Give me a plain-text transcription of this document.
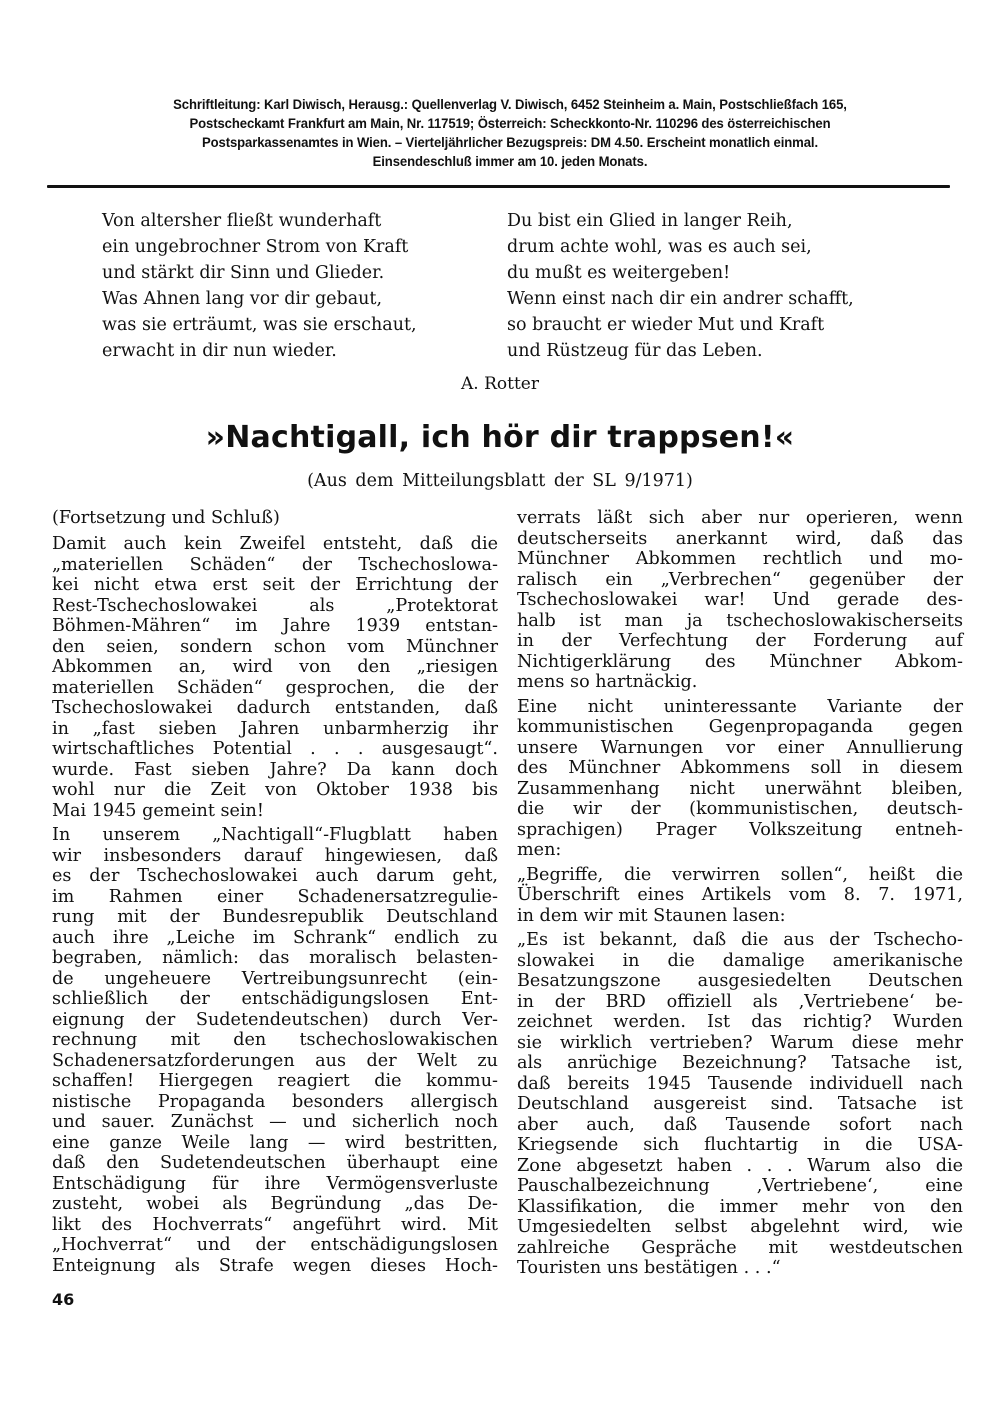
Schriftleitung: Karl Diwisch, Herausg.: Quellenverlag V. Diwisch, 6452 Steinheim a. Main, Postschließfach 165,
Postscheckamt Frankfurt am Main, Nr. 117519; Österreich: Scheckkonto-Nr. 110296 des österreichischen
Postsparkassenamtes in Wien. – Vierteljährlicher Bezugspreis: DM 4.50. Erscheint monatlich einmal.
Einsendeschluß immer am 10. jeden Monats.
Von altersher fließt wunderhaft
ein ungebrochner Strom von Kraft
und stärkt dir Sinn und Glieder.
Was Ahnen lang vor dir gebaut,
was sie erträumt, was sie erschaut,
erwacht in dir nun wieder.
Du bist ein Glied in langer Reih,
drum achte wohl, was es auch sei,
du mußt es weitergeben!
Wenn einst nach dir ein andrer schafft,
so braucht er wieder Mut und Kraft
und Rüstzeug für das Leben.
A. Rotter
»Nachtigall, ich hör dir trappsen!«
(Aus dem Mitteilungsblatt der SL 9/1971)
(Fortsetzung und Schluß)
Damit auch kein Zweifel entsteht, daß die
„materiellen Schäden“ der Tschechoslowa-
kei nicht etwa erst seit der Errichtung der
Rest-Tschechoslowakei als „Protektorat
Böhmen-Mähren“ im Jahre 1939 entstan-
den seien, sondern schon vom Münchner
Abkommen an, wird von den „riesigen
materiellen Schäden“ gesprochen, die der
Tschechoslowakei dadurch entstanden, daß
in „fast sieben Jahren unbarmherzig ihr
wirtschaftliches Potential . . . ausgesaugt“.
wurde. Fast sieben Jahre? Da kann doch
wohl nur die Zeit von Oktober 1938 bis
Mai 1945 gemeint sein!
In unserem „Nachtigall“-Flugblatt haben
wir insbesonders darauf hingewiesen, daß
es der Tschechoslowakei auch darum geht,
im Rahmen einer Schadenersatzregulie-
rung mit der Bundesrepublik Deutschland
auch ihre „Leiche im Schrank“ endlich zu
begraben, nämlich: das moralisch belasten-
de ungeheuere Vertreibungsunrecht (ein-
schließlich der entschädigungslosen Ent-
eignung der Sudetendeutschen) durch Ver-
rechnung mit den tschechoslowakischen
Schadenersatzforderungen aus der Welt zu
schaffen! Hiergegen reagiert die kommu-
nistische Propaganda besonders allergisch
und sauer. Zunächst — und sicherlich noch
eine ganze Weile lang — wird bestritten,
daß den Sudetendeutschen überhaupt eine
Entschädigung für ihre Vermögensverluste
zusteht, wobei als Begründung „das De-
likt des Hochverrats“ angeführt wird. Mit
„Hochverrat“ und der entschädigungslosen
Enteignung als Strafe wegen dieses Hoch-
verrats läßt sich aber nur operieren, wenn
deutscherseits anerkannt wird, daß das
Münchner Abkommen rechtlich und mo-
ralisch ein „Verbrechen“ gegenüber der
Tschechoslowakei war! Und gerade des-
halb ist man ja tschechoslowakischerseits
in der Verfechtung der Forderung auf
Nichtigerklärung des Münchner Abkom-
mens so hartnäckig.
Eine nicht uninteressante Variante der
kommunistischen Gegenpropaganda gegen
unsere Warnungen vor einer Annullierung
des Münchner Abkommens soll in diesem
Zusammenhang nicht unerwähnt bleiben,
die wir der (kommunistischen, deutsch-
sprachigen) Prager Volkszeitung entneh-
men:
„Begriffe, die verwirren sollen“, heißt die
Überschrift eines Artikels vom 8. 7. 1971,
in dem wir mit Staunen lasen:
„Es ist bekannt, daß die aus der Tschecho-
slowakei in die damalige amerikanische
Besatzungszone ausgesiedelten Deutschen
in der BRD offiziell als ‚Vertriebene‘ be-
zeichnet werden. Ist das richtig? Wurden
sie wirklich vertrieben? Warum diese mehr
als anrüchige Bezeichnung? Tatsache ist,
daß bereits 1945 Tausende individuell nach
Deutschland ausgereist sind. Tatsache ist
aber auch, daß Tausende sofort nach
Kriegsende sich fluchtartig in die USA-
Zone abgesetzt haben . . . Warum also die
Pauschalbezeichnung ‚Vertriebene‘, eine
Klassifikation, die immer mehr von den
Umgesiedelten selbst abgelehnt wird, wie
zahlreiche Gespräche mit westdeutschen
Touristen uns bestätigen . . .“
46
